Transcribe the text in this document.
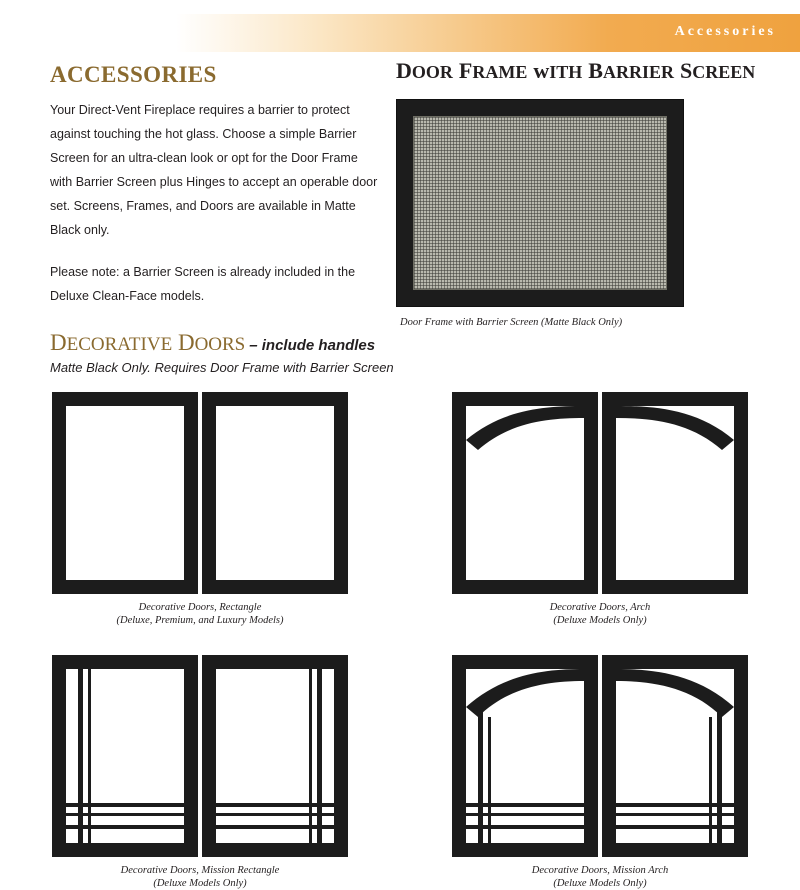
Accessories
ACCESSORIES

Your Direct-Vent Fireplace requires a barrier to protect against touching the hot glass. Choose a simple Barrier Screen for an ultra-clean look or opt for the Door Frame with Barrier Screen plus Hinges to accept an operable door set. Screens, Frames, and Doors are available in Matte Black only.

Please note: a Barrier Screen is already included in the Deluxe Clean-Face models.

DOOR FRAME wITH BARRIER SCREEN
Door Frame with Barrier Screen (Matte Black Only)
DECORATIVE DOORS – include handles
Matte Black Only. Requires Door Frame with Barrier Screen
Decorative Doors, Rectangle
(Deluxe, Premium, and Luxury Models)
Decorative Doors, Arch
(Deluxe Models Only)
Decorative Doors, Mission Rectangle
(Deluxe Models Only)
Decorative Doors, Mission Arch
(Deluxe Models Only)
